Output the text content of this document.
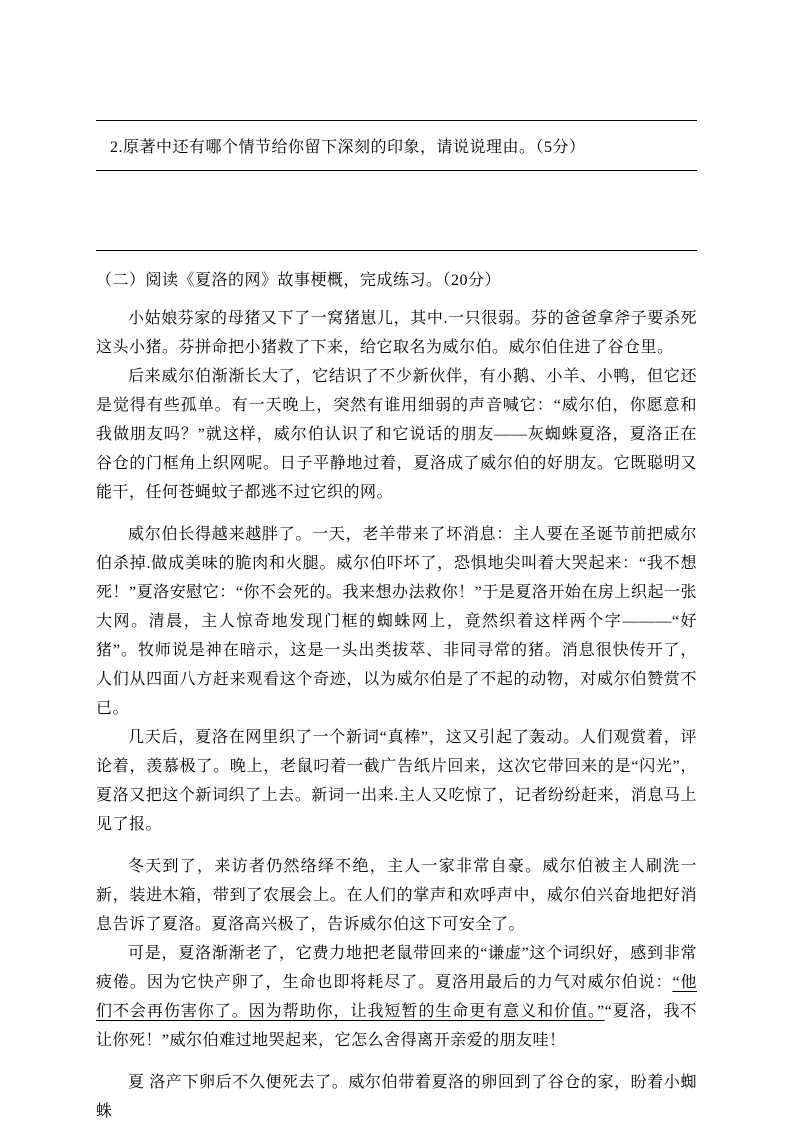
2.原著中还有哪个情节给你留下深刻的印象，请说说理由。（5分）
（二）阅读《夏洛的网》故事梗概，完成练习。（20分）

小姑娘芬家的母猪又下了一窝猪崽儿，其中.一只很弱。芬的爸爸拿斧子要杀死这头小猪。芬拼命把小猪救了下来，给它取名为威尔伯。威尔伯住进了谷仓里。

后来威尔伯渐渐长大了，它结识了不少新伙伴，有小鹅、小羊、小鸭，但它还是觉得有些孤单。有一天晚上，突然有谁用细弱的声音喊它：“威尔伯，你愿意和我做朋友吗？”就这样，威尔伯认识了和它说话的朋友——灰蜘蛛夏洛，夏洛正在谷仓的门框角上织网呢。日子平静地过着，夏洛成了威尔伯的好朋友。它既聪明又能干，任何苍蝇蚊子都逃不过它织的网。

威尔伯长得越来越胖了。一天，老羊带来了坏消息：主人要在圣诞节前把威尔伯杀掉.做成美味的脆肉和火腿。威尔伯吓坏了，恐惧地尖叫着大哭起来：“我不想死！”夏洛安慰它：“你不会死的。我来想办法救你！”于是夏洛开始在房上织起一张大网。清晨，主人惊奇地发现门框的蜘蛛网上，竟然织着这样两个字———“好猪”。牧师说是神在暗示，这是一头出类拔萃、非同寻常的猪。消息很快传开了，人们从四面八方赶来观看这个奇迹，以为威尔伯是了不起的动物，对威尔伯赞赏不已。

几天后，夏洛在网里织了一个新词“真棒”，这又引起了轰动。人们观赏着，评论着，羡慕极了。晚上，老鼠叼着一截广告纸片回来，这次它带回来的是“闪光”，夏洛又把这个新词织了上去。新词一出来.主人又吃惊了，记者纷纷赶来，消息马上见了报。

冬天到了，来访者仍然络绎不绝，主人一家非常自豪。威尔伯被主人刷洗一新，装进木箱，带到了农展会上。在人们的掌声和欢呼声中，威尔伯兴奋地把好消息告诉了夏洛。夏洛高兴极了，告诉威尔伯这下可安全了。

可是，夏洛渐渐老了，它费力地把老鼠带回来的“谦虚”这个词织好，感到非常疲倦。因为它快产卵了，生命也即将耗尽了。夏洛用最后的力气对威尔伯说：“他们不会再伤害你了。因为帮助你，让我短暂的生命更有意义和价值。”“夏洛，我不让你死！”威尔伯难过地哭起来，它怎么舍得离开亲爱的朋友哇！

夏 洛产下卵后不久便死去了。威尔伯带着夏洛的卵回到了谷仓的家，盼着小蜘蛛
